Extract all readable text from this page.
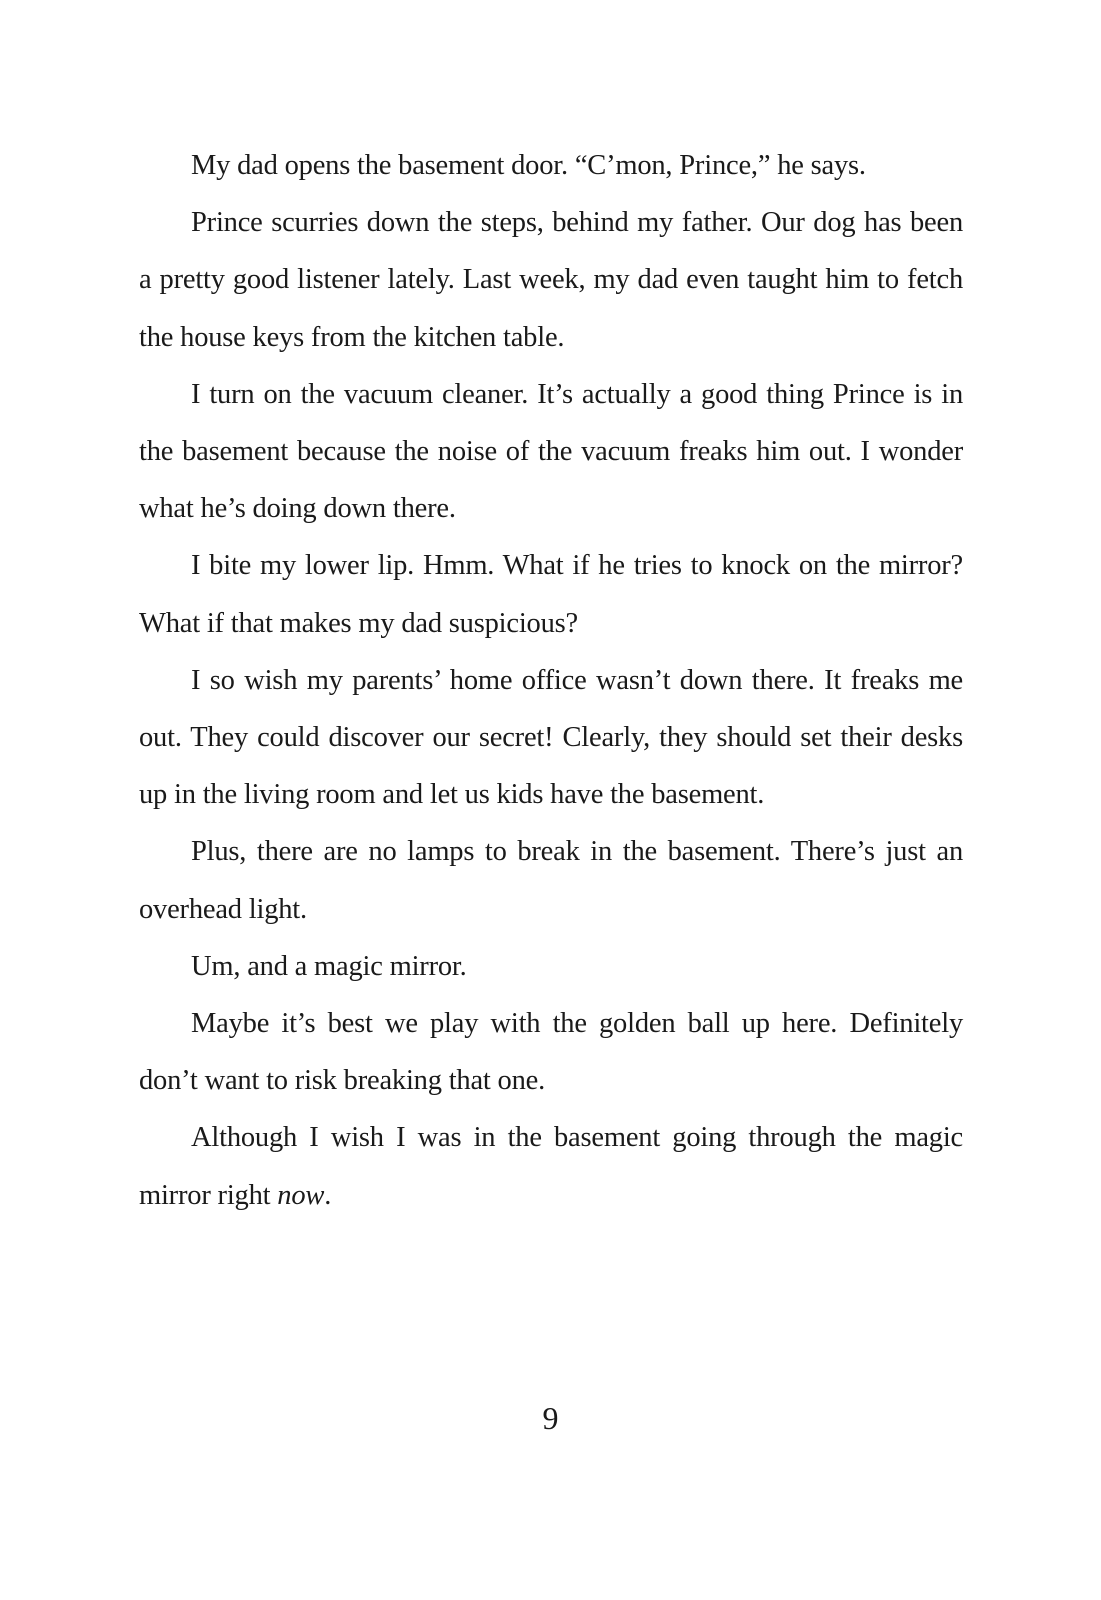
My dad opens the basement door. “C’mon, Prince,” he says.

Prince scurries down the steps, behind my father. Our dog has been a pretty good listener lately. Last week, my dad even taught him to fetch the house keys from the kitchen table.

I turn on the vacuum cleaner. It’s actually a good thing Prince is in the basement because the noise of the vacuum freaks him out. I wonder what he’s doing down there.

I bite my lower lip. Hmm. What if he tries to knock on the mirror? What if that makes my dad suspicious?

I so wish my parents’ home office wasn’t down there. It freaks me out. They could discover our secret! Clearly, they should set their desks up in the living room and let us kids have the basement.

Plus, there are no lamps to break in the basement. There’s just an overhead light.

Um, and a magic mirror.

Maybe it’s best we play with the golden ball up here. Definitely don’t want to risk breaking that one.

Although I wish I was in the basement going through the magic mirror right now.

9
